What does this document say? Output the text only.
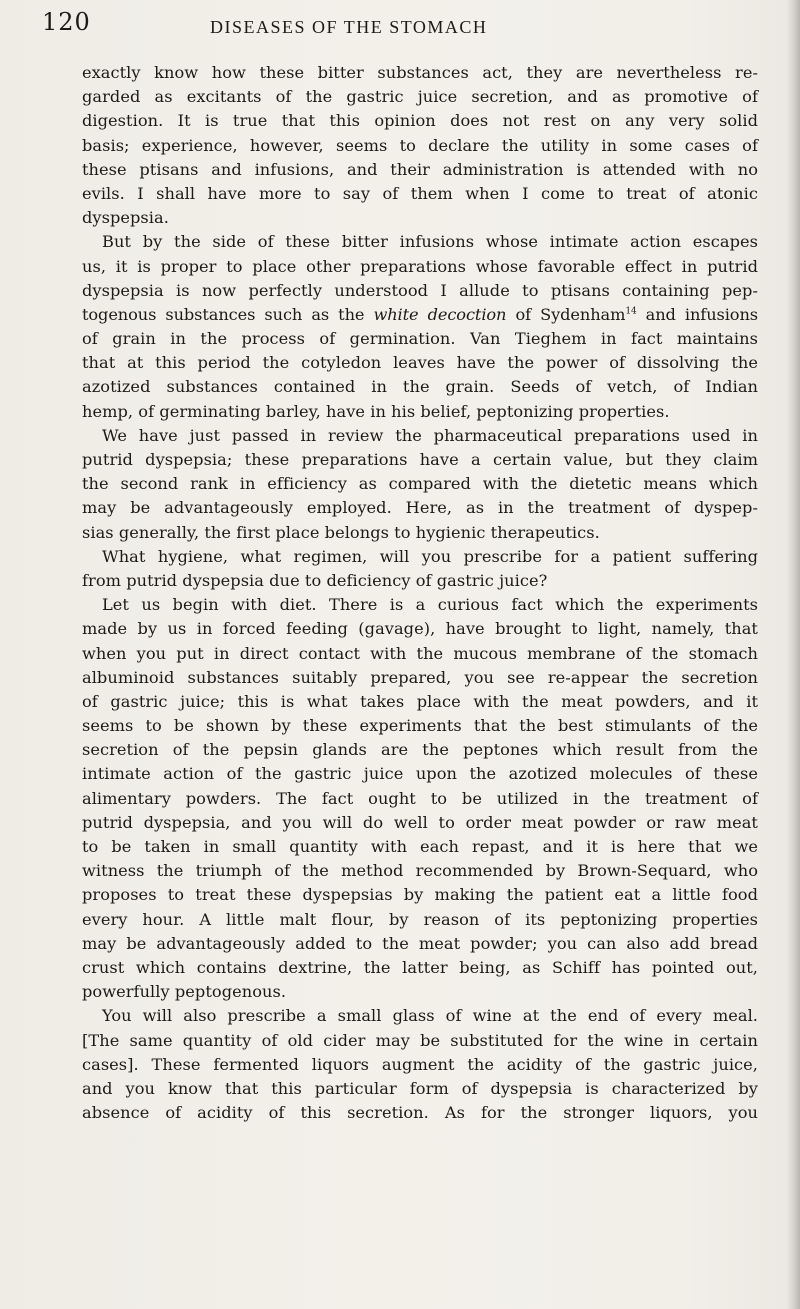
120	DISEASES OF THE STOMACH
exactly know how these bitter substances act, they are nevertheless re-
garded as excitants of the gastric juice secretion, and as promotive of
digestion. It is true that this opinion does not rest on any very solid
basis; experience, however, seems to declare the utility in some cases of
these ptisans and infusions, and their administration is attended with no
evils. I shall have more to say of them when I come to treat of atonic
dyspepsia.
But by the side of these bitter infusions whose intimate action escapes
us, it is proper to place other preparations whose favorable effect in putrid
dyspepsia is now perfectly understood I allude to ptisans containing pep-
togenous substances such as the white decoction of Sydenham$^{14}$ and infusions
of grain in the process of germination. Van Tieghem in fact maintains
that at this period the cotyledon leaves have the power of dissolving the
azotized substances contained in the grain. Seeds of vetch, of Indian
hemp, of germinating barley, have in his belief, peptonizing properties.
We have just passed in review the pharmaceutical preparations used in
putrid dyspepsia; these preparations have a certain value, but they claim
the second rank in efficiency as compared with the dietetic means which
may be advantageously employed. Here, as in the treatment of dyspep-
sias generally, the first place belongs to hygienic therapeutics.
What hygiene, what regimen, will you prescribe for a patient suffering
from putrid dyspepsia due to deficiency of gastric juice?
Let us begin with diet. There is a curious fact which the experiments
made by us in forced feeding (gavage), have brought to light, namely, that
when you put in direct contact with the mucous membrane of the stomach
albuminoid substances suitably prepared, you see re-appear the secretion
of gastric juice; this is what takes place with the meat powders, and it
seems to be shown by these experiments that the best stimulants of the
secretion of the pepsin glands are the peptones which result from the
intimate action of the gastric juice upon the azotized molecules of these
alimentary powders. The fact ought to be utilized in the treatment of
putrid dyspepsia, and you will do well to order meat powder or raw meat
to be taken in small quantity with each repast, and it is here that we
witness the triumph of the method recommended by Brown-Sequard, who
proposes to treat these dyspepsias by making the patient eat a little food
every hour. A little malt flour, by reason of its peptonizing properties
may be advantageously added to the meat powder; you can also add bread
crust which contains dextrine, the latter being, as Schiff has pointed out,
powerfully peptogenous.
You will also prescribe a small glass of wine at the end of every meal.
[The same quantity of old cider may be substituted for the wine in certain
cases]. These fermented liquors augment the acidity of the gastric juice,
and you know that this particular form of dyspepsia is characterized by
absence of acidity of this secretion. As for the stronger liquors, you
